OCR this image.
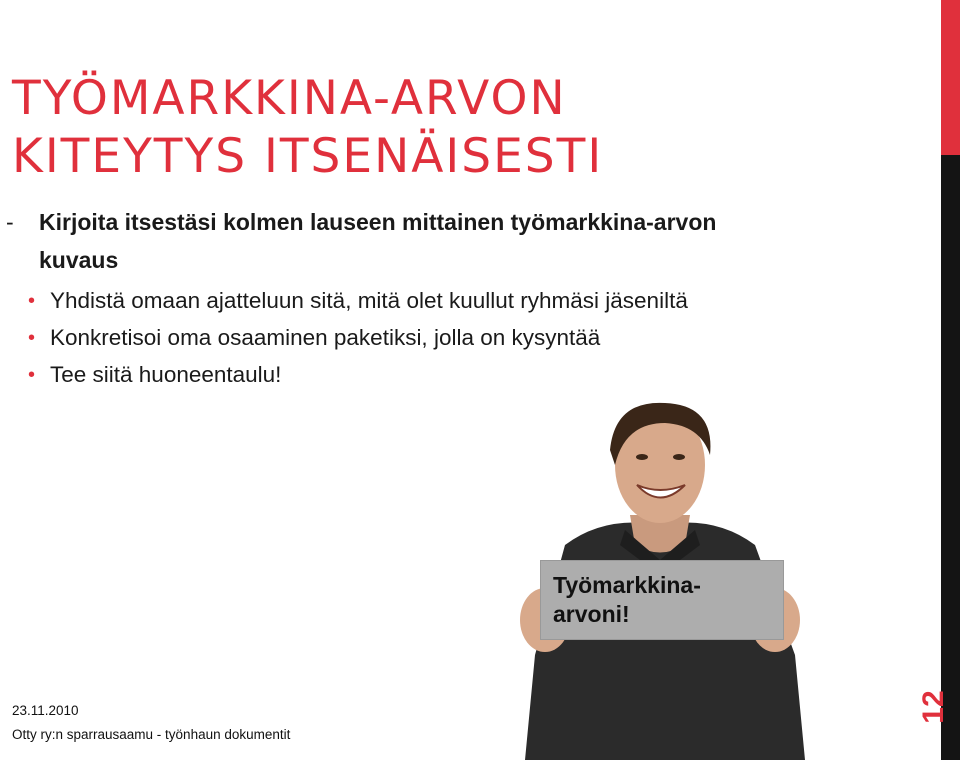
TYÖMARKKINA-ARVON
KITEYTYS ITSENÄISESTI
-	Kirjoita itsestäsi kolmen lauseen mittainen työmarkkina-arvon kuvaus
• Yhdistä omaan ajatteluun sitä, mitä olet kuullut ryhmäsi jäseniltä
• Konkretisoi oma osaaminen paketiksi, jolla on kysyntää
• Tee siitä huoneentaulu!
Työmarkkina-
arvoni!
12
23.11.2010
Otty ry:n sparrausaamu - työnhaun dokumentit
